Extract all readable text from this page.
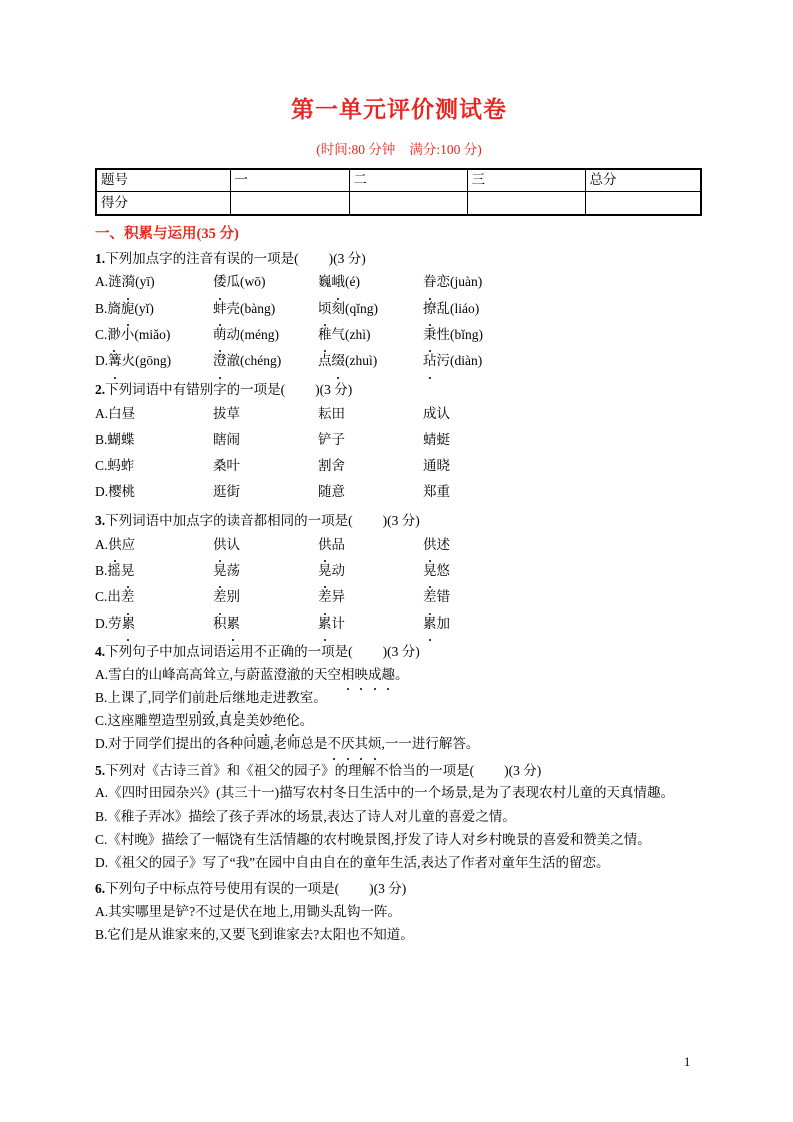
第一单元评价测试卷
(时间:80 分钟 满分:100 分)
题号	一	二	三	总分
得分				
一、积累与运用(35 分)
1.下列加点字的注音有误的一项是( )(3 分)
A.涟漪(yī)	倭瓜(wō)	巍峨(é)	眷恋(juàn)
B.旖旎(yǐ)	蚌壳(bàng)	顷刻(qǐng)	撩乱(liáo)
C.渺小(miǎo)	萌动(méng)	稚气(zhì)	秉性(bǐng)
D.篝火(gōng)	澄澈(chéng)	点缀(zhuì)	玷污(diàn)
2.下列词语中有错别字的一项是( )(3 分)
A.白昼	拔草	耘田	成认
B.蝴蝶	瞎闹	铲子	蜻蜓
C.蚂蚱	桑叶	割舍	通晓
D.樱桃	逛街	随意	郑重
3.下列词语中加点字的读音都相同的一项是( )(3 分)
A.供应	供认	供品	供述
B.摇晃	晃荡	晃动	晃悠
C.出差	差别	差异	差错
D.劳累	积累	累计	累加
4.下列句子中加点词语运用不正确的一项是( )(3 分)
A.雪白的山峰高高耸立,与蔚蓝澄澈的天空相映成趣。
B.上课了,同学们前赴后继地走进教室。
C.这座雕塑造型别致,真是美妙绝伦。
D.对于同学们提出的各种问题,老师总是不厌其烦,一一进行解答。
5.下列对《古诗三首》和《祖父的园子》的理解不恰当的一项是( )(3 分)
A.《四时田园杂兴》(其三十一)描写农村冬日生活中的一个场景,是为了表现农村儿童的天真情趣。
B.《稚子弄冰》描绘了孩子弄冰的场景,表达了诗人对儿童的喜爱之情。
C.《村晚》描绘了一幅饶有生活情趣的农村晚景图,抒发了诗人对乡村晚景的喜爱和赞美之情。
D.《祖父的园子》写了“我”在园中自由自在的童年生活,表达了作者对童年生活的留恋。
6.下列句子中标点符号使用有误的一项是( )(3 分)
A.其实哪里是铲?不过是伏在地上,用锄头乱钩一阵。
B.它们是从谁家来的,又要飞到谁家去?太阳也不知道。
1
